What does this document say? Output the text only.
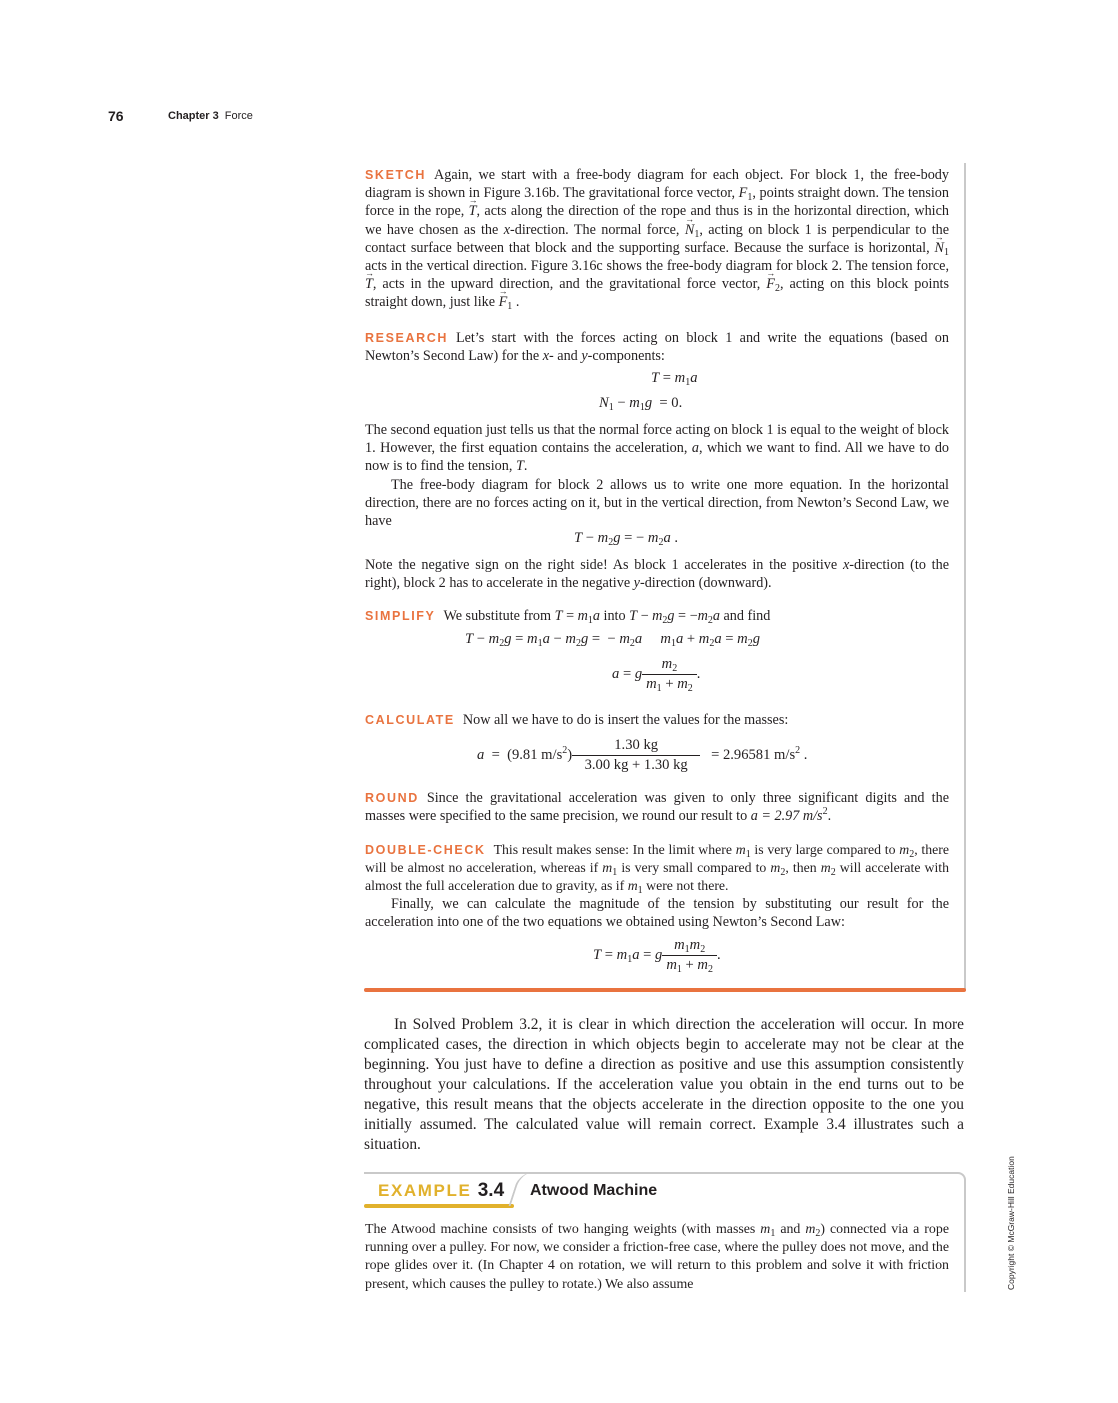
76	Chapter 3 Force
SKETCH Again, we start with a free-body diagram for each object. For block 1, the free-body diagram is shown in Figure 3.16b. The gravitational force vector, $F_1$, points straight down. The tension force in the rope, → T, acts along the direction of the rope and thus is in the horizontal direction, which we have chosen as the x-direction. The normal force, → $N_1$, acting on block 1 is perpendicular to the contact surface between that block and the supporting surface. Because the surface is horizontal, → $N_1$ acts in the vertical direction. Figure 3.16c shows the free-body diagram for block 2. The tension force, → T, acts in the upward direction, and the gravitational force vector, → $F_2$, acting on this block points straight down, just like → $F_1$ .
RESEARCH Let’s start with the forces acting on block 1 and write the equations (based on Newton’s Second Law) for the x- and y-components:
$T = m_1a$
$N_1 - m_1g = 0$.
The second equation just tells us that the normal force acting on block 1 is equal to the weight of block 1. However, the first equation contains the acceleration, a, which we want to find. All we have to do now is to find the tension, T.
The free-body diagram for block 2 allows us to write one more equation. In the horizontal direction, there are no forces acting on it, but in the vertical direction, from Newton’s Second Law, we have
$T - m_2g$ = − $m_2a$ .
Note the negative sign on the right side! As block 1 accelerates in the positive x-direction (to the right), block 2 has to accelerate in the negative y-direction (downward).
SIMPLIFY We substitute from $T = m_1a$ into $T - m_2g = -m_2a$ and find
$T - m_2g = m_1a - m_2g$ =  − $m_2a$ $m_1a + m_2a = m_2g$
a = g $\frac{m_2}{m_1 + m_2}$ .
CALCULATE Now all we have to do is insert the values for the masses:
a  =  (9.81 $m/s^2) \frac{1.30 kg}{3.00 kg + 1.30 kg} = 2.96581$ $m/s^2$ .
ROUND Since the gravitational acceleration was given to only three significant digits and the masses were specified to the same precision, we round our result to a = 2.97 $m/s^2$.
DOUBLE-CHECK This result makes sense: In the limit where $m_1$ is very large compared to $m_2$, there will be almost no acceleration, whereas if $m_1$ is very small compared to $m_2$, then $m_2$ will accelerate with almost the full acceleration due to gravity, as if $m_1$ were not there.
Finally, we can calculate the magnitude of the tension by substituting our result for the acceleration into one of the two equations we obtained using Newton’s Second Law:
$T = m_1a = g \frac{m_1m_2}{m_1 + m_2}$ .
In Solved Problem 3.2, it is clear in which direction the acceleration will occur. In more complicated cases, the direction in which objects begin to accelerate may not be clear at the beginning. You just have to define a direction as positive and use this assumption consistently throughout your calculations. If the acceleration value you obtain in the end turns out to be negative, this result means that the objects accelerate in the direction opposite to the one you initially assumed. The calculated value will remain correct. Example 3.4 illustrates such a situation.
EXAMPLE 3.4 Atwood Machine
The Atwood machine consists of two hanging weights (with masses $m_1$ and $m_2$) connected via a rope running over a pulley. For now, we consider a friction-free case, where the pulley does not move, and the rope glides over it. (In Chapter 4 on rotation, we will return to this problem and solve it with friction present, which causes the pulley to rotate.) We also assume	Copyright © McGraw-Hill Education
